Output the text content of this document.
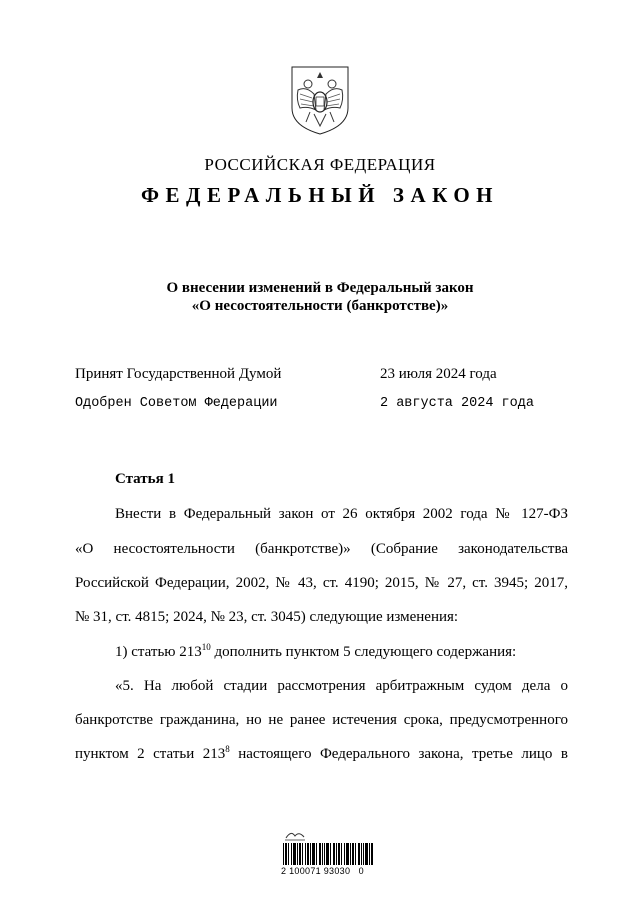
РОССИЙСКАЯ ФЕДЕРАЦИЯ
ФЕДЕРАЛЬНЫЙ ЗАКОН
О внесении изменений в Федеральный закон
«О несостоятельности (банкротстве)»
Принят Государственной Думой	23 июля 2024 года
Одобрен Советом Федерации	2 августа 2024 года
Статья 1
Внести в Федеральный закон от 26 октября 2002 года № 127-ФЗ
«О несостоятельности (банкротстве)» (Собрание законодательства
Российской Федерации, 2002, № 43, ст. 4190; 2015, № 27, ст. 3945; 2017,
№ 31, ст. 4815; 2024, № 23, ст. 3045) следующие изменения:
1) статью $213^{10}$ дополнить пунктом 5 следующего содержания:
«5. На любой стадии рассмотрения арбитражным судом дела о
банкротстве гражданина, но не ранее истечения срока, предусмотренного
пунктом 2 статьи $213^8$ настоящего Федерального закона, третье лицо в
2 100071 93030   0
